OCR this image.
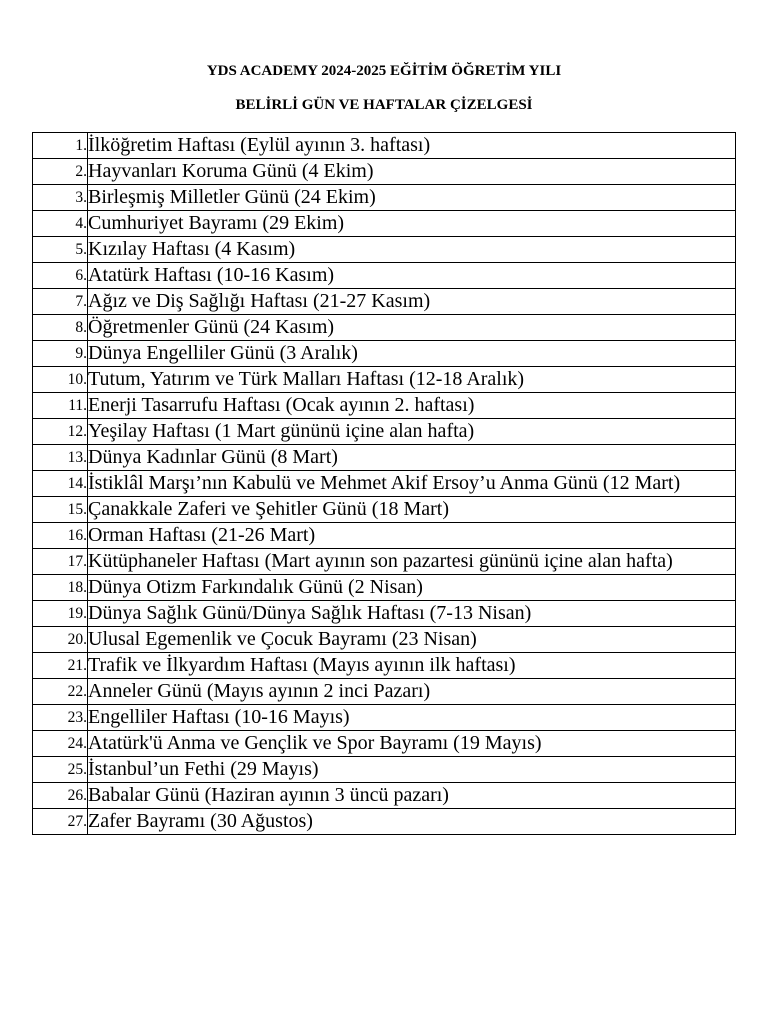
YDS ACADEMY 2024-2025 EĞİTİM ÖĞRETİM YILI
BELİRLİ GÜN VE HAFTALAR ÇİZELGESİ
1.	İlköğretim Haftası (Eylül ayının 3. haftası)
2.	Hayvanları Koruma Günü (4 Ekim)
3.	Birleşmiş Milletler Günü (24 Ekim)
4.	Cumhuriyet Bayramı (29 Ekim)
5.	Kızılay Haftası (4 Kasım)
6.	Atatürk Haftası (10-16 Kasım)
7.	Ağız ve Diş Sağlığı Haftası (21-27 Kasım)
8.	Öğretmenler Günü (24 Kasım)
9.	Dünya Engelliler Günü (3 Aralık)
10.	Tutum, Yatırım ve Türk Malları Haftası (12-18 Aralık)
11.	Enerji Tasarrufu Haftası (Ocak ayının 2. haftası)
12.	Yeşilay Haftası (1 Mart gününü içine alan hafta)
13.	Dünya Kadınlar Günü (8 Mart)
14.	İstiklâl Marşı’nın Kabulü ve Mehmet Akif Ersoy’u Anma Günü (12 Mart)
15.	Çanakkale Zaferi ve Şehitler Günü (18 Mart)
16.	Orman Haftası (21-26 Mart)
17.	Kütüphaneler Haftası (Mart ayının son pazartesi gününü içine alan hafta)
18.	Dünya Otizm Farkındalık Günü (2 Nisan)
19.	Dünya Sağlık Günü/Dünya Sağlık Haftası (7-13 Nisan)
20.	Ulusal Egemenlik ve Çocuk Bayramı (23 Nisan)
21.	Trafik ve İlkyardım Haftası (Mayıs ayının ilk haftası)
22.	Anneler Günü (Mayıs ayının 2 inci Pazarı)
23.	Engelliler Haftası (10-16 Mayıs)
24.	Atatürk'ü Anma ve Gençlik ve Spor Bayramı (19 Mayıs)
25.	İstanbul’un Fethi (29 Mayıs)
26.	Babalar Günü (Haziran ayının 3 üncü pazarı)
27.	Zafer Bayramı (30 Ağustos)
